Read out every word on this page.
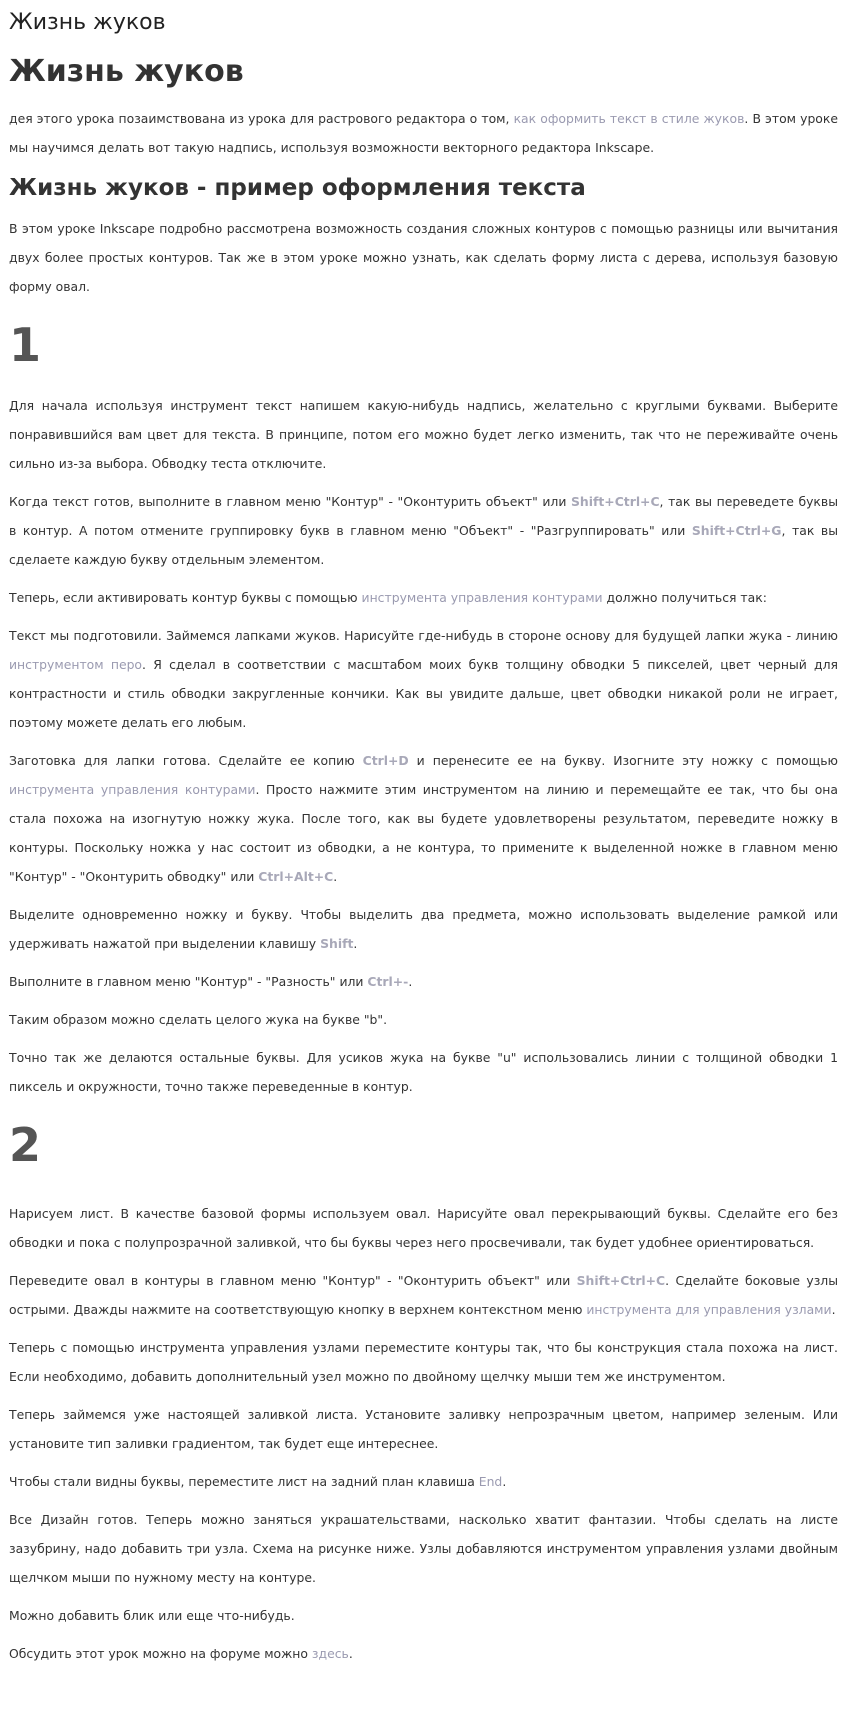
Жизнь жуков
Жизнь жуков

дея этого урока позаимствована из урока для растрового редактора о том, как оформить текст в стиле жуков. В этом уроке мы научимся делать вот такую надпись, используя возможности векторного редактора Inkscape.

Жизнь жуков - пример оформления текста

В этом уроке Inkscape подробно рассмотрена возможность создания сложных контуров с помощью разницы или вычитания двух более простых контуров. Так же в этом уроке можно узнать, как сделать форму листа с дерева, используя базовую форму овал.

1

Для начала используя инструмент текст напишем какую-нибудь надпись, желательно с круглыми буквами. Выберите понравившийся вам цвет для текста. В принципе, потом его можно будет легко изменить, так что не переживайте очень сильно из-за выбора. Обводку теста отключите.

Когда текст готов, выполните в главном меню "Контур" - "Оконтурить объект" или Shift+Ctrl+C, так вы переведете буквы в контур. А потом отмените группировку букв в главном меню "Объект" - "Разгруппировать" или Shift+Ctrl+G, так вы сделаете каждую букву отдельным элементом.

Теперь, если активировать контур буквы с помощью инструмента управления контурами должно получиться так:

Текст мы подготовили. Займемся лапками жуков. Нарисуйте где-нибудь в стороне основу для будущей лапки жука - линию инструментом перо. Я сделал в соответствии с масштабом моих букв толщину обводки 5 пикселей, цвет черный для контрастности и стиль обводки закругленные кончики. Как вы увидите дальше, цвет обводки никакой роли не играет, поэтому можете делать его любым.

Заготовка для лапки готова. Сделайте ее копию Ctrl+D и перенесите ее на букву. Изогните эту ножку с помощью инструмента управления контурами. Просто нажмите этим инструментом на линию и перемещайте ее так, что бы она стала похожа на изогнутую ножку жука. После того, как вы будете удовлетворены результатом, переведите ножку в контуры. Поскольку ножка у нас состоит из обводки, а не контура, то примените к выделенной ножке в главном меню "Контур" - "Оконтурить обводку" или Ctrl+Alt+C.

Выделите одновременно ножку и букву. Чтобы выделить два предмета, можно использовать выделение рамкой или удерживать нажатой при выделении клавишу Shift.

Выполните в главном меню "Контур" - "Разность" или Ctrl+-.

Таким образом можно сделать целого жука на букве "b".

Точно так же делаются остальные буквы. Для усиков жука на букве "u" использовались линии с толщиной обводки 1 пиксель и окружности, точно также переведенные в контур.

2

Нарисуем лист. В качестве базовой формы используем овал. Нарисуйте овал перекрывающий буквы. Сделайте его без обводки и пока с полупрозрачной заливкой, что бы буквы через него просвечивали, так будет удобнее ориентироваться.

Переведите овал в контуры в главном меню "Контур" - "Оконтурить объект" или Shift+Ctrl+C. Сделайте боковые узлы острыми. Дважды нажмите на соответствующую кнопку в верхнем контекстном меню инструмента для управления узлами.

Теперь с помощью инструмента управления узлами переместите контуры так, что бы конструкция стала похожа на лист. Если необходимо, добавить дополнительный узел можно по двойному щелчку мыши тем же инструментом.

Теперь займемся уже настоящей заливкой листа. Установите заливку непрозрачным цветом, например зеленым. Или установите тип заливки градиентом, так будет еще интереснее.

Чтобы стали видны буквы, переместите лист на задний план клавиша End.

Все Дизайн готов. Теперь можно заняться украшательствами, насколько хватит фантазии. Чтобы сделать на листе зазубрину, надо добавить три узла. Схема на рисунке ниже. Узлы добавляются инструментом управления узлами двойным щелчком мыши по нужному месту на контуре.

Можно добавить блик или еще что-нибудь.

Обсудить этот урок можно на форуме можно здесь.
